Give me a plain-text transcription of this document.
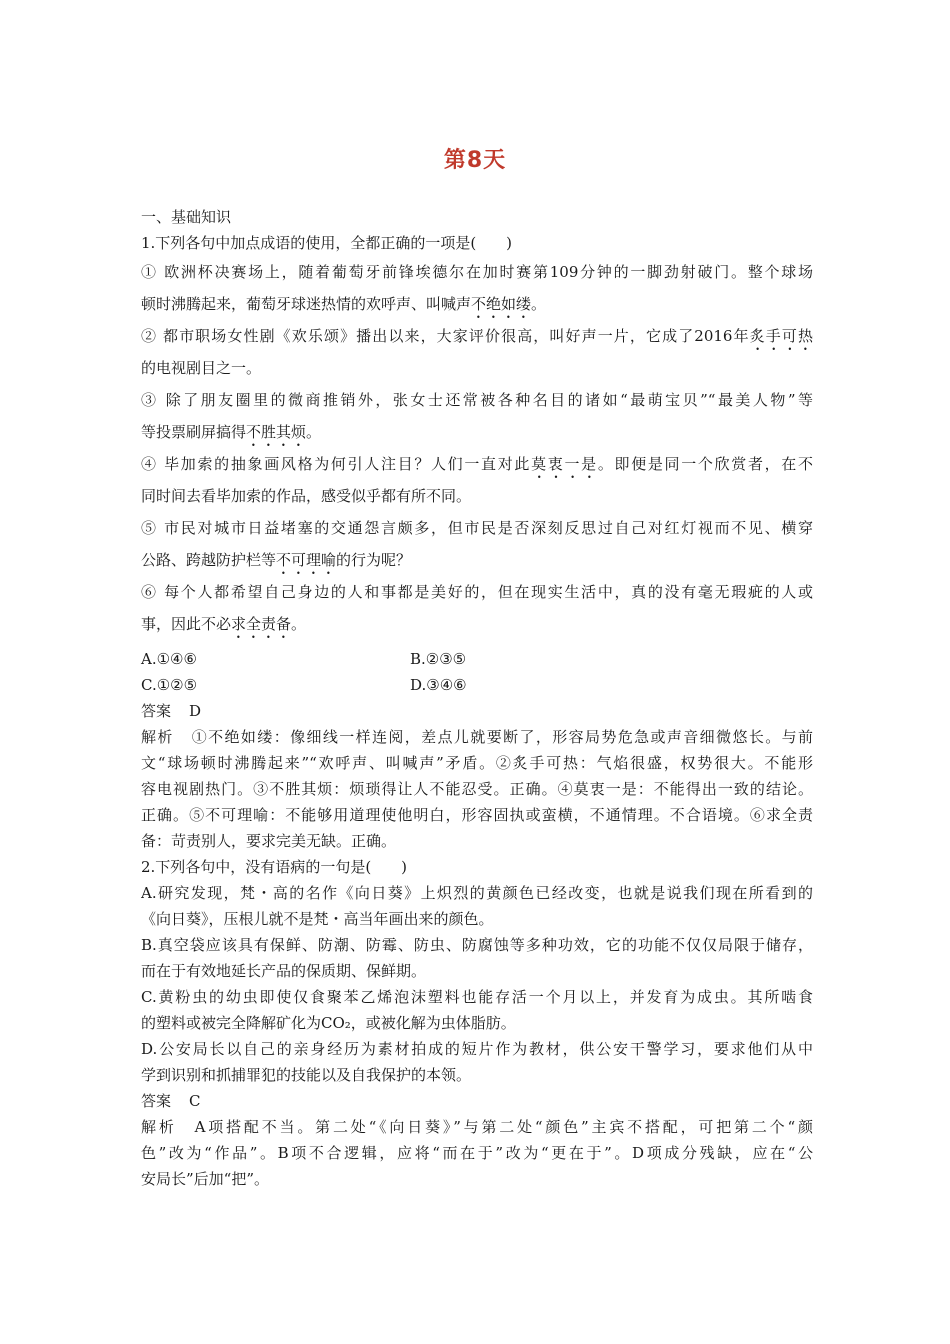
第8天
一、基础知识
1.下列各句中加点成语的使用，全都正确的一项是(　　)
① 欧洲杯决赛场上，随着葡萄牙前锋埃德尔在加时赛第109分钟的一脚劲射破门。整个球场
顿时沸腾起来，葡萄牙球迷热情的欢呼声、叫喊声不绝如缕。
② 都市职场女性剧《欢乐颂》播出以来，大家评价很高，叫好声一片，它成了2016年炙手可热
的电视剧目之一。
③ 除了朋友圈里的微商推销外，张女士还常被各种名目的诸如“最萌宝贝”“最美人物”等
等投票刷屏搞得不胜其烦。
④ 毕加索的抽象画风格为何引人注目？人们一直对此莫衷一是。即便是同一个欣赏者，在不
同时间去看毕加索的作品，感受似乎都有所不同。
⑤ 市民对城市日益堵塞的交通怨言颇多，但市民是否深刻反思过自己对红灯视而不见、横穿
公路、跨越防护栏等不可理喻的行为呢？
⑥ 每个人都希望自己身边的人和事都是美好的，但在现实生活中，真的没有毫无瑕疵的人或
事，因此不必求全责备。
A.①④⑥	B.②③⑤
C.①②⑤	D.③④⑥
答案 D
解析 ①不绝如缕：像细线一样连阅，差点儿就要断了，形容局势危急或声音细微悠长。与前
文“球场顿时沸腾起来”“欢呼声、叫喊声”矛盾。②炙手可热：气焰很盛，权势很大。不能形
容电视剧热门。③不胜其烦：烦琐得让人不能忍受。正确。④莫衷一是：不能得出一致的结论。
正确。⑤不可理喻：不能够用道理使他明白，形容固执或蛮横，不通情理。不合语境。⑥求全责
备：苛责别人，要求完美无缺。正确。
2.下列各句中，没有语病的一句是(　　)
A.研究发现，梵・高的名作《向日葵》上炽烈的黄颜色已经改变，也就是说我们现在所看到的
《向日葵》，压根儿就不是梵・高当年画出来的颜色。
B.真空袋应该具有保鲜、防潮、防霉、防虫、防腐蚀等多种功效，它的功能不仅仅局限于储存，
而在于有效地延长产品的保质期、保鲜期。
C.黄粉虫的幼虫即使仅食聚苯乙烯泡沫塑料也能存活一个月以上，并发育为成虫。其所啮食
的塑料或被完全降解矿化为CO₂，或被化解为虫体脂肪。
D.公安局长以自己的亲身经历为素材拍成的短片作为教材，供公安干警学习，要求他们从中
学到识别和抓捕罪犯的技能以及自我保护的本领。
答案 C
解析 A项搭配不当。第二处“《向日葵》”与第二处“颜色”主宾不搭配，可把第二个“颜
色”改为“作品”。B项不合逻辑，应将“而在于”改为“更在于”。D项成分残缺，应在“公
安局长”后加“把”。
